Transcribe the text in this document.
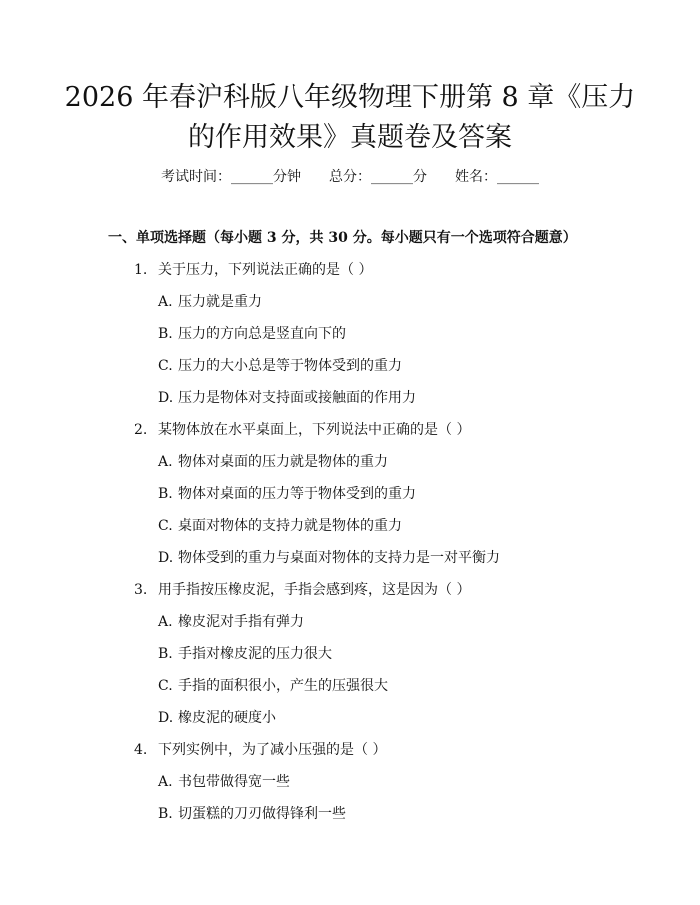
2026 年春沪科版八年级物理下册第 8 章《压力的作用效果》真题卷及答案
考试时间：______分钟 总分：______分 姓名：______
一、单项选择题（每小题 3 分，共 30 分。每小题只有一个选项符合题意）
1. 关于压力，下列说法正确的是（ ）
A. 压力就是重力
B. 压力的方向总是竖直向下的
C. 压力的大小总是等于物体受到的重力
D. 压力是物体对支持面或接触面的作用力
2. 某物体放在水平桌面上，下列说法中正确的是（ ）
A. 物体对桌面的压力就是物体的重力
B. 物体对桌面的压力等于物体受到的重力
C. 桌面对物体的支持力就是物体的重力
D. 物体受到的重力与桌面对物体的支持力是一对平衡力
3. 用手指按压橡皮泥，手指会感到疼，这是因为（ ）
A. 橡皮泥对手指有弹力
B. 手指对橡皮泥的压力很大
C. 手指的面积很小，产生的压强很大
D. 橡皮泥的硬度小
4. 下列实例中，为了减小压强的是（ ）
A. 书包带做得宽一些
B. 切蛋糕的刀刃做得锋利一些
